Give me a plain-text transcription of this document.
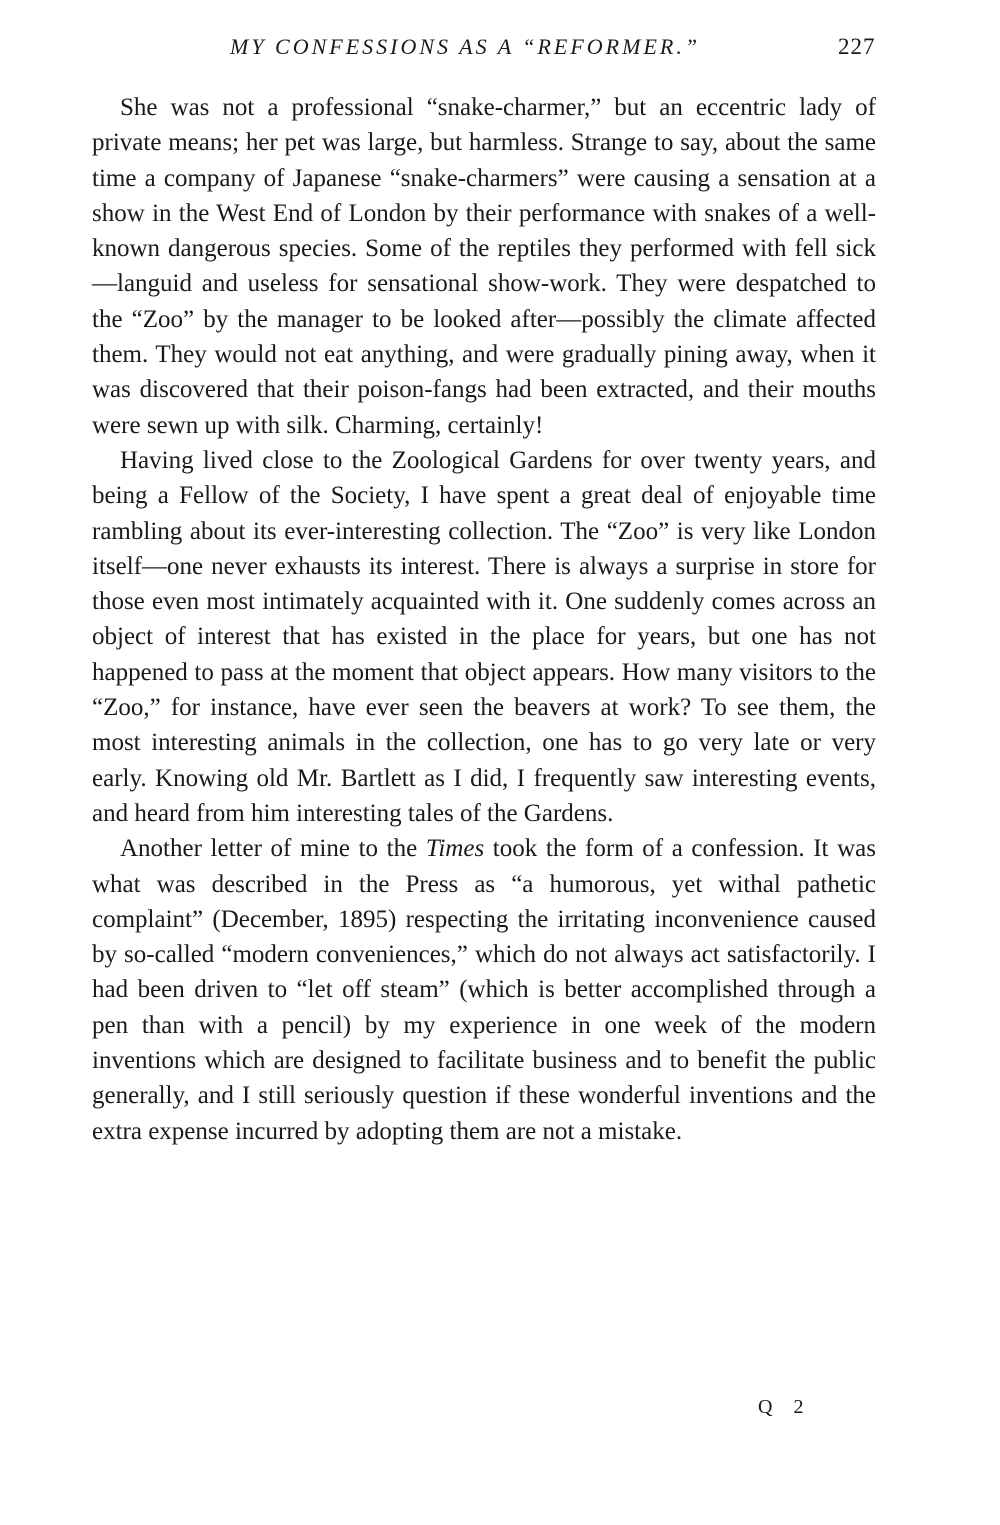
MY CONFESSIONS AS A “REFORMER.”	227

She was not a professional “snake-charmer,” but an eccentric lady of private means; her pet was large, but harmless. Strange to say, about the same time a company of Japanese “snake-charmers” were causing a sensation at a show in the West End of London by their performance with snakes of a well-known dangerous species. Some of the reptiles they performed with fell sick—languid and useless for sensational show-work. They were despatched to the “Zoo” by the manager to be looked after—possibly the climate affected them. They would not eat anything, and were gradually pining away, when it was discovered that their poison-fangs had been extracted, and their mouths were sewn up with silk. Charming, certainly!

Having lived close to the Zoological Gardens for over twenty years, and being a Fellow of the Society, I have spent a great deal of enjoyable time rambling about its ever-interesting collection. The “Zoo” is very like London itself—one never exhausts its interest. There is always a surprise in store for those even most intimately acquainted with it. One suddenly comes across an object of interest that has existed in the place for years, but one has not happened to pass at the moment that object appears. How many visitors to the “Zoo,” for instance, have ever seen the beavers at work? To see them, the most interesting animals in the collection, one has to go very late or very early. Knowing old Mr. Bartlett as I did, I frequently saw interesting events, and heard from him interesting tales of the Gardens.

Another letter of mine to the Times took the form of a confession. It was what was described in the Press as “a humorous, yet withal pathetic complaint” (December, 1895) respecting the irritating inconvenience caused by so-called “modern conveniences,” which do not always act satisfactorily. I had been driven to “let off steam” (which is better accomplished through a pen than with a pencil) by my experience in one week of the modern inventions which are designed to facilitate business and to benefit the public generally, and I still seriously question if these wonderful inventions and the extra expense incurred by adopting them are not a mistake.

Q 2
